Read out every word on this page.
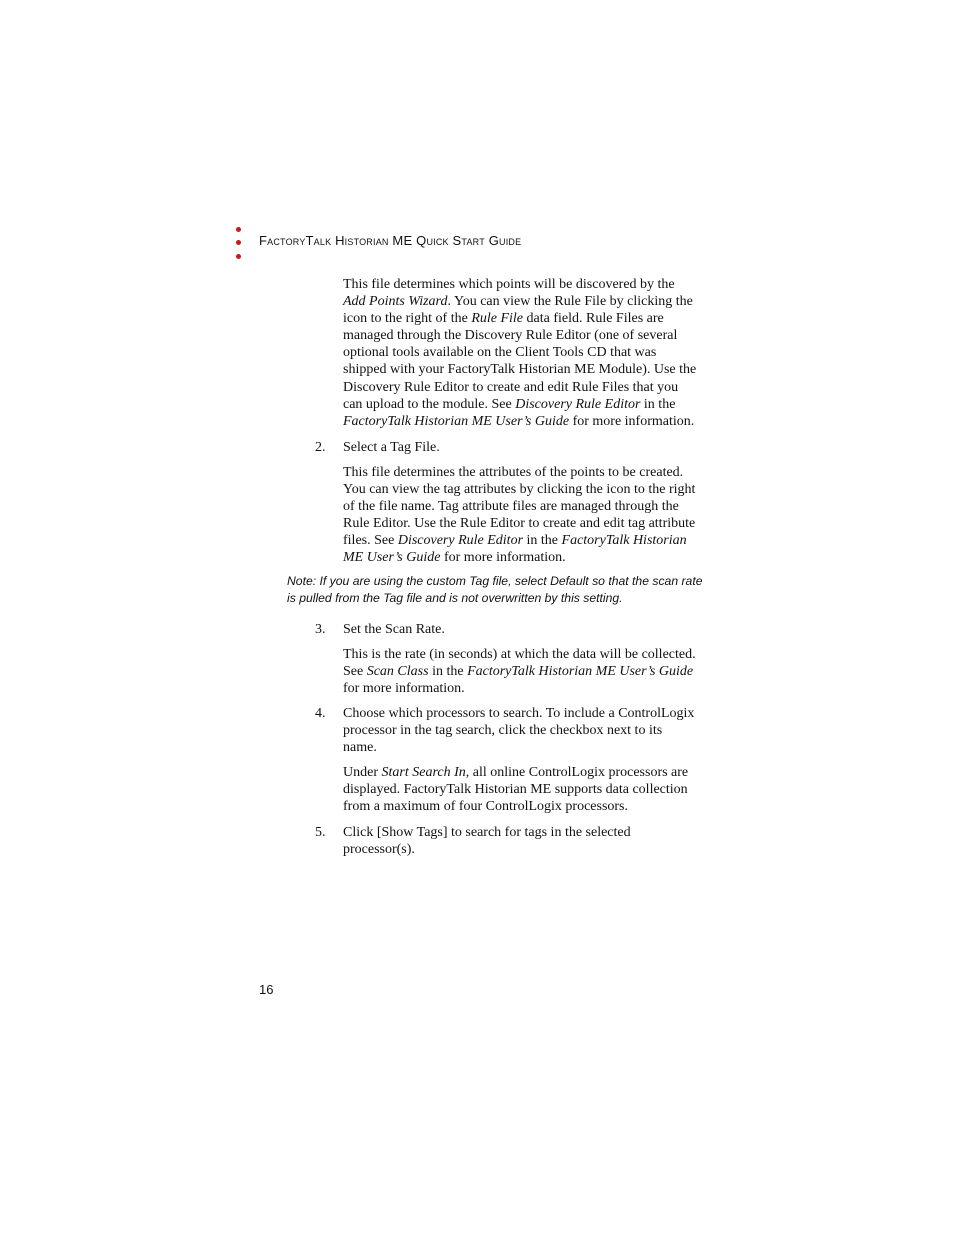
FactoryTalk Historian ME Quick Start Guide

This file determines which points will be discovered by the Add Points Wizard. You can view the Rule File by clicking the icon to the right of the Rule File data field. Rule Files are managed through the Discovery Rule Editor (one of several optional tools available on the Client Tools CD that was shipped with your FactoryTalk Historian ME Module). Use the Discovery Rule Editor to create and edit Rule Files that you can upload to the module. See Discovery Rule Editor in the FactoryTalk Historian ME User’s Guide for more information.

2. Select a Tag File.

This file determines the attributes of the points to be created. You can view the tag attributes by clicking the icon to the right of the file name. Tag attribute files are managed through the Rule Editor. Use the Rule Editor to create and edit tag attribute files. See Discovery Rule Editor in the FactoryTalk Historian ME User’s Guide for more information.

Note: If you are using the custom Tag file, select Default so that the scan rate is pulled from the Tag file and is not overwritten by this setting.

3. Set the Scan Rate.

This is the rate (in seconds) at which the data will be collected. See Scan Class in the FactoryTalk Historian ME User’s Guide for more information.

4. Choose which processors to search. To include a ControlLogix processor in the tag search, click the checkbox next to its name.

Under Start Search In, all online ControlLogix processors are displayed. FactoryTalk Historian ME supports data collection from a maximum of four ControlLogix processors.

5. Click [Show Tags] to search for tags in the selected processor(s).

16
